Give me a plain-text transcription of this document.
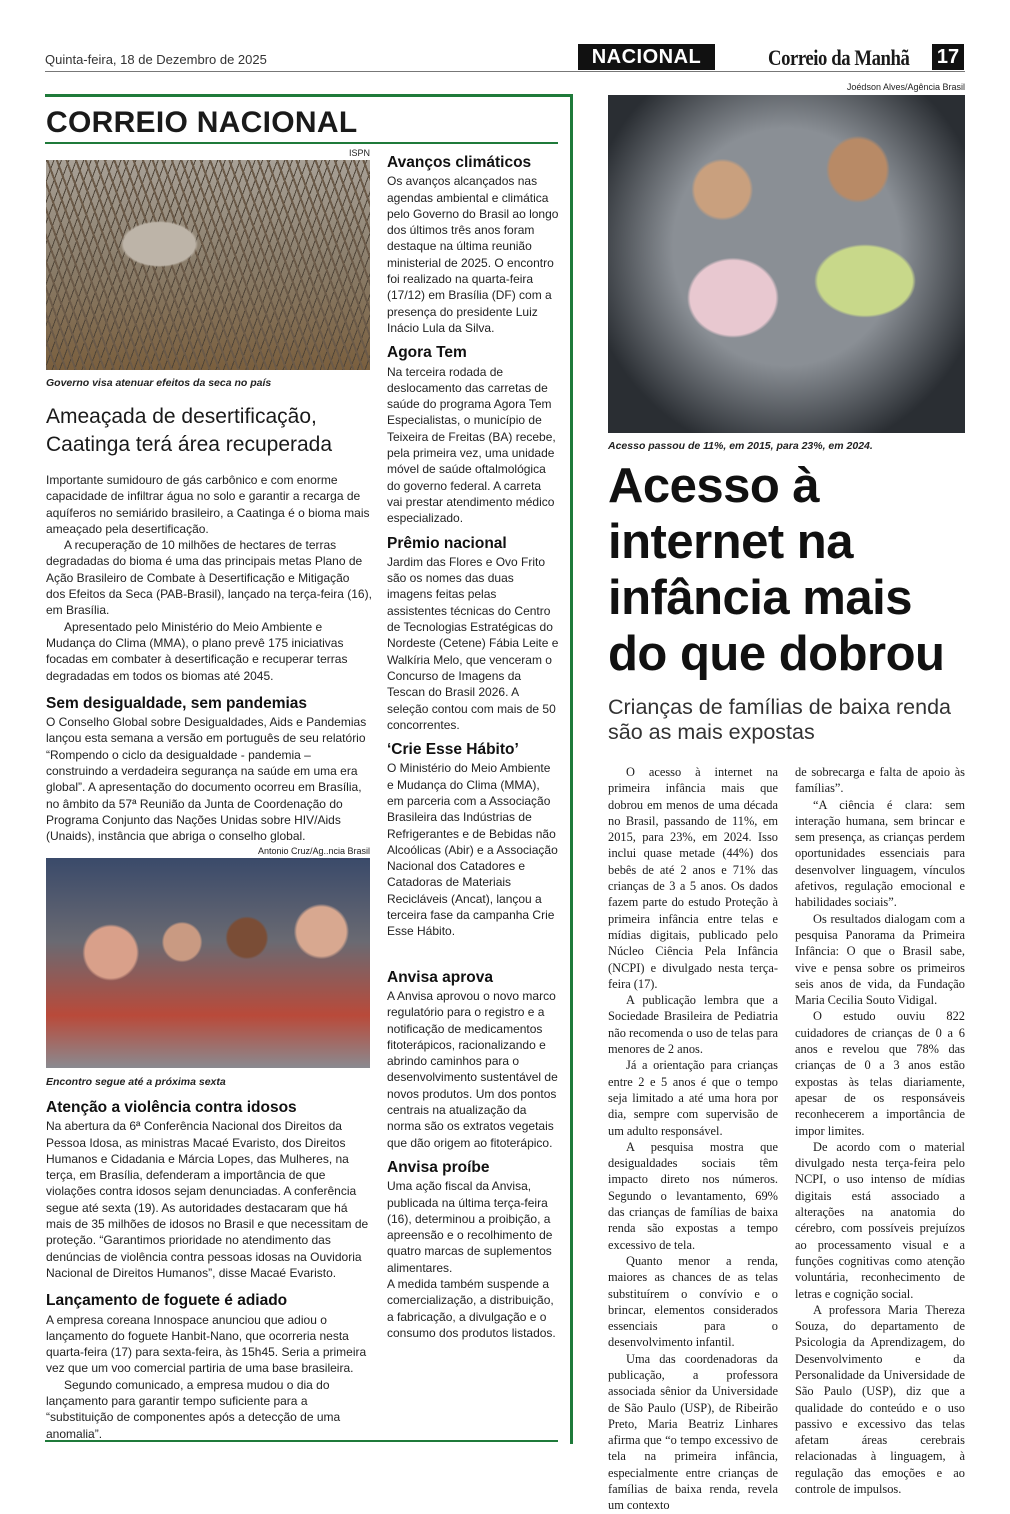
Quinta-feira, 18 de Dezembro de 2025	NACIONAL	Correio da Manhã 17
CORREIO NACIONAL
ISPN
Governo visa atenuar efeitos da seca no país
Ameaçada de desertificação, Caatinga terá área recuperada

Importante sumidouro de gás carbônico e com enorme capacidade de infiltrar água no solo e garantir a recarga de aquíferos no semiárido brasileiro, a Caatinga é o bioma mais ameaçado pela desertificação.

A recuperação de 10 milhões de hectares de terras degradadas do bioma é uma das principais metas Plano de Ação Brasileiro de Combate à Desertificação e Mitigação dos Efeitos da Seca (PAB-Brasil), lançado na terça-feira (16), em Brasília.

Apresentado pelo Ministério do Meio Ambiente e Mudança do Clima (MMA), o plano prevê 175 iniciativas focadas em combater à desertificação e recuperar terras degradadas em todos os biomas até 2045.

Sem desigualdade, sem pandemias

O Conselho Global sobre Desigualdades, Aids e Pandemias lançou esta semana a versão em português de seu relatório “Rompendo o ciclo da desigualdade - pandemia – construindo a verdadeira segurança na saúde em uma era global”. A apresentação do documento ocorreu em Brasília, no âmbito da 57ª Reunião da Junta de Coordenação do Programa Conjunto das Nações Unidas sobre HIV/Aids (Unaids), instância que abriga o conselho global.

Antonio Cruz/Ag..ncia Brasil
Encontro segue até a próxima sexta
Atenção a violência contra idosos

Na abertura da 6ª Conferência Nacional dos Direitos da Pessoa Idosa, as ministras Macaé Evaristo, dos Direitos Humanos e Cidadania e Márcia Lopes, das Mulheres, na terça, em Brasília, defenderam a importância de que violações contra idosos sejam denunciadas. A conferência segue até sexta (19). As autoridades destacaram que há mais de 35 milhões de idosos no Brasil e que necessitam de proteção. “Garantimos prioridade no atendimento das denúncias de violência contra pessoas idosas na Ouvidoria Nacional de Direitos Humanos”, disse Macaé Evaristo.

Lançamento de foguete é adiado

A empresa coreana Innospace anunciou que adiou o lançamento do foguete Hanbit-Nano, que ocorreria nesta quarta-feira (17) para sexta-feira, às 15h45. Seria a primeira vez que um voo comercial partiria de uma base brasileira.

Segundo comunicado, a empresa mudou o dia do lançamento para garantir tempo suficiente para a “substituição de componentes após a detecção de uma anomalia”.

Avanços climáticos

Os avanços alcançados nas agendas ambiental e climática pelo Governo do Brasil ao longo dos últimos três anos foram destaque na última reunião ministerial de 2025. O encontro foi realizado na quarta-feira (17/12) em Brasília (DF) com a presença do presidente Luiz Inácio Lula da Silva.

Agora Tem

Na terceira rodada de deslocamento das carretas de saúde do programa Agora Tem Especialistas, o município de Teixeira de Freitas (BA) recebe, pela primeira vez, uma unidade móvel de saúde oftalmológica do governo federal. A carreta vai prestar atendimento médico especializado.

Prêmio nacional

Jardim das Flores e Ovo Frito são os nomes das duas imagens feitas pelas assistentes técnicas do Centro de Tecnologias Estratégicas do Nordeste (Cetene) Fábia Leite e Walkíria Melo, que venceram o Concurso de Imagens da Tescan do Brasil 2026. A seleção contou com mais de 50 concorrentes.

‘Crie Esse Hábito’

O Ministério do Meio Ambiente e Mudança do Clima (MMA), em parceria com a Associação Brasileira das Indústrias de Refrigerantes e de Bebidas não Alcoólicas (Abir) e a Associação Nacional dos Catadores e Catadoras de Materiais Recicláveis (Ancat), lançou a terceira fase da campanha Crie Esse Hábito.

Anvisa aprova

A Anvisa aprovou o novo marco regulatório para o registro e a notificação de medicamentos fitoterápicos, racionalizando e abrindo caminhos para o desenvolvimento sustentável de novos produtos. Um dos pontos centrais na atualização da norma são os extratos vegetais que dão origem ao fitoterápico.

Anvisa proíbe

Uma ação fiscal da Anvisa, publicada na última terça-feira (16), determinou a proibição, a apreensão e o recolhimento de quatro marcas de suplementos alimentares.

A medida também suspende a comercialização, a distribuição, a fabricação, a divulgação e o consumo dos produtos listados.

Joédson Alves/Agência Brasil
Acesso passou de 11%, em 2015, para 23%, em 2024.
Acesso à internet na infância mais do que dobrou
Crianças de famílias de baixa renda são as mais expostas

O acesso à internet na primeira infância mais que dobrou em menos de uma década no Brasil, passando de 11%, em 2015, para 23%, em 2024. Isso inclui quase metade (44%) dos bebês de até 2 anos e 71% das crianças de 3 a 5 anos. Os dados fazem parte do estudo Proteção à primeira infância entre telas e mídias digitais, publicado pelo Núcleo Ciência Pela Infância (NCPI) e divulgado nesta terça-feira (17).

A publicação lembra que a Sociedade Brasileira de Pediatria não recomenda o uso de telas para menores de 2 anos.

Já a orientação para crianças entre 2 e 5 anos é que o tempo seja limitado a até uma hora por dia, sempre com supervisão de um adulto responsável.

A pesquisa mostra que desigualdades sociais têm impacto direto nos números. Segundo o levantamento, 69% das crianças de famílias de baixa renda são expostas a tempo excessivo de tela.

Quanto menor a renda, maiores as chances de as telas substituírem o convívio e o brincar, elementos considerados essenciais para o desenvolvimento infantil.

Uma das coordenadoras da publicação, a professora associada sênior da Universidade de São Paulo (USP), de Ribeirão Preto, Maria Beatriz Linhares afirma que “o tempo excessivo de tela na primeira infância, especialmente entre crianças de famílias de baixa renda, revela um contexto

de sobrecarga e falta de apoio às famílias”.

“A ciência é clara: sem interação humana, sem brincar e sem presença, as crianças perdem oportunidades essenciais para desenvolver linguagem, vínculos afetivos, regulação emocional e habilidades sociais”.

Os resultados dialogam com a pesquisa Panorama da Primeira Infância: O que o Brasil sabe, vive e pensa sobre os primeiros seis anos de vida, da Fundação Maria Cecilia Souto Vidigal.

O estudo ouviu 822 cuidadores de crianças de 0 a 6 anos e revelou que 78% das crianças de 0 a 3 anos estão expostas às telas diariamente, apesar de os responsáveis reconhecerem a importância de impor limites.

De acordo com o material divulgado nesta terça-feira pelo NCPI, o uso intenso de mídias digitais está associado a alterações na anatomia do cérebro, com possíveis prejuízos ao processamento visual e a funções cognitivas como atenção voluntária, reconhecimento de letras e cognição social.

A professora Maria Thereza Souza, do departamento de Psicologia da Aprendizagem, do Desenvolvimento e da Personalidade da Universidade de São Paulo (USP), diz que a qualidade do conteúdo e o uso passivo e excessivo das telas afetam áreas cerebrais relacionadas à linguagem, à regulação das emoções e ao controle de impulsos.
